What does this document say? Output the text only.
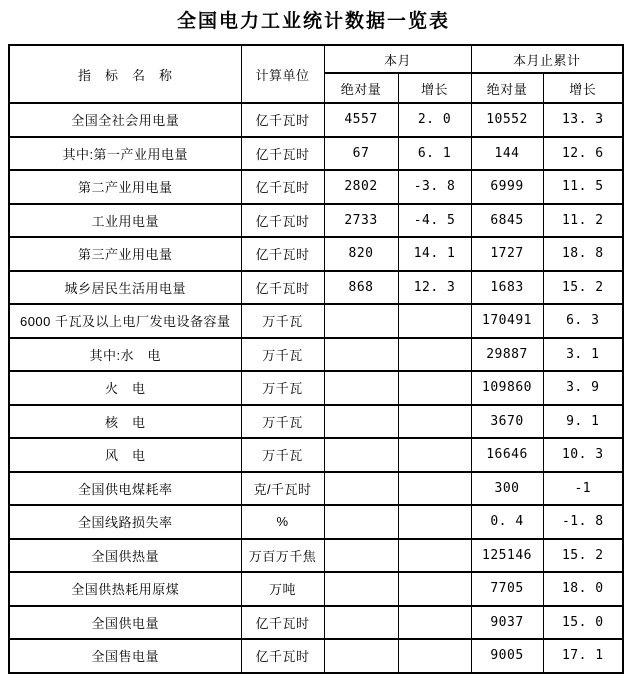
全国电力工业统计数据一览表
指　标　名　称	计算单位	本月		本月止累计	
		绝对量	增长	绝对量	增长
全国全社会用电量	亿千瓦时	4557	2. 0	10552	13. 3
其中:第一产业用电量	亿千瓦时	67	6. 1	144	12. 6
第二产业用电量	亿千瓦时	2802	-3. 8	6999	11. 5
工业用电量	亿千瓦时	2733	-4. 5	6845	11. 2
第三产业用电量	亿千瓦时	820	14. 1	1727	18. 8
城乡居民生活用电量	亿千瓦时	868	12. 3	1683	15. 2
6000 千瓦及以上电厂发电设备容量	万千瓦			170491	6. 3
其中:水　电	万千瓦			29887	3. 1
火　电	万千瓦			109860	3. 9
核　电	万千瓦			3670	9. 1
风　电	万千瓦			16646	10. 3
全国供电煤耗率	克/千瓦时			300	-1
全国线路损失率	%			0. 4	-1. 8
全国供热量	万百万千焦			125146	15. 2
全国供热耗用原煤	万吨			7705	18. 0
全国供电量	亿千瓦时			9037	15. 0
全国售电量	亿千瓦时			9005	17. 1
